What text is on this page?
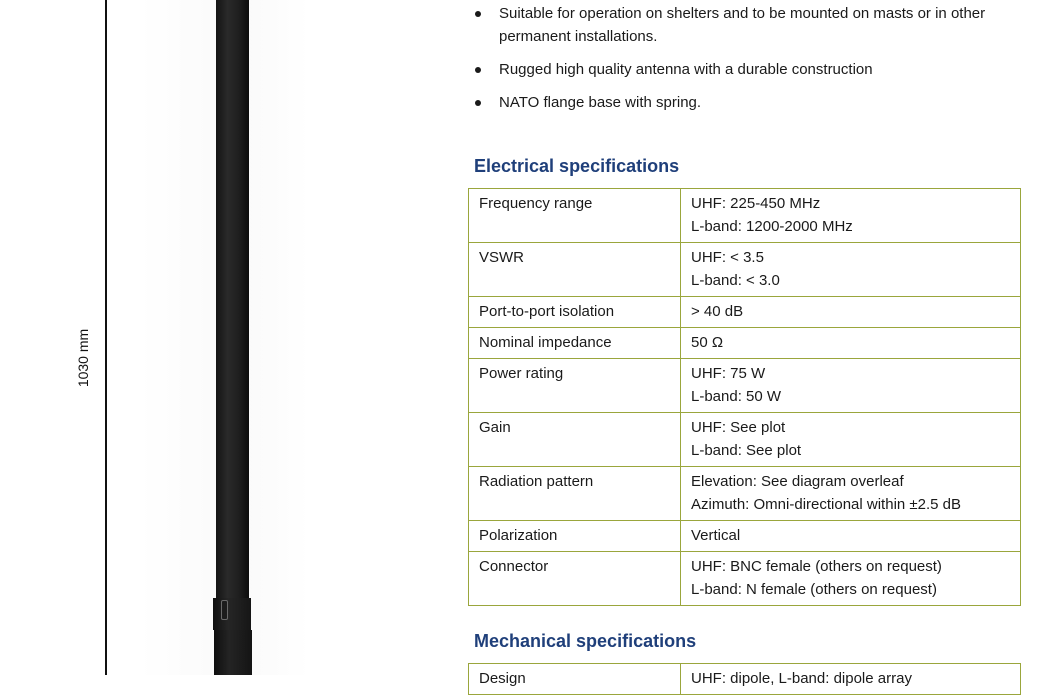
1030 mm
Suitable for operation on shelters and to be mounted on masts or in other permanent installations.
Rugged high quality antenna with a durable construction
NATO flange base with spring.
Electrical specifications
Frequency range	UHF: 225-450 MHz
L-band: 1200-2000 MHz

VSWR	UHF: < 3.5
L-band: < 3.0

Port-to-port isolation	> 40 dB

Nominal impedance	50 Ω

Power rating	UHF: 75 W
L-band: 50 W

Gain	UHF: See plot
L-band: See plot

Radiation pattern	Elevation: See diagram overleaf
Azimuth: Omni-directional within ±2.5 dB

Polarization	Vertical

Connector	UHF: BNC female (others on request)
L-band: N female (others on request)
Mechanical specifications
Design	UHF: dipole, L-band: dipole array
